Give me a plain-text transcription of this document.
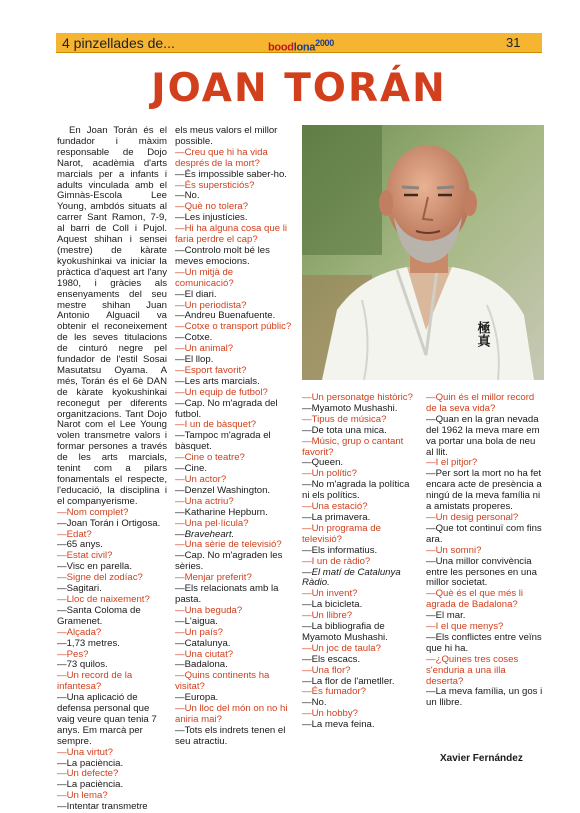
4 pinzellades de...	boodlona$^{2000}$	31
JOAN TORÁN
極真

En Joan Torán és el fundador i màxim responsable de Dojo Narot, acadèmia d'arts marcials per a infants i adults vinculada amb el Gimnàs-Escola Lee Young, ambdós situats al carrer Sant Ramon, 7-9, al barri de Coll i Pujol. Aquest shihan i sensei (mestre) de kàrate kyokushinkai va iniciar la pràctica d'aquest art l'any 1980, i gràcies als ensenyaments del seu mestre shihan Juan Antonio Alguacil va obtenir el reconeixement de les seves titulacions de cinturó negre pel fundador de l'estil Sosai Masutatsu Oyama. A més, Torán és el 6è DAN de kàrate kyokushinkai reconegut per diferents organitzacions. Tant Dojo Narot com el Lee Young volen transmetre valors i formar persones a través de les arts marcials, tenint com a pilars fonamentals el respecte, l'educació, la disciplina i el companyerisme.

— Nom complet?

— Joan Torán i Ortigosa.

— Edat?

— 65 anys.

— Estat civil?

— Visc en parella.

— Signe del zodíac?

— Sagitari.

— Lloc de naixement?

— Santa Coloma de Gramenet.

— Alçada?

— 1,73 metres.

— Pes?

— 73 quilos.

— Un record de la infantesa?

— Una aplicació de defensa personal que vaig veure quan tenia 7 anys. Em marcà per sempre.

— Una virtut?

— La paciència.

— Un defecte?

— La paciència.

— Un lema?

— Intentar transmetre

els meus valors el millor possible.

— Creu que hi ha vida després de la mort?

— És impossible saber-ho.

— És supersticiós?

— No.

— Què no tolera?

— Les injustícies.

— Hi ha alguna cosa que li faria perdre el cap?

— Controlo molt bé les meves emocions.

— Un mitjà de comunicació?

— El diari.

— Un periodista?

— Andreu Buenafuente.

— Cotxe o transport públic?

— Cotxe.

— Un animal?

— El llop.

— Esport favorit?

— Les arts marcials.

— Un equip de futbol?

— Cap. No m'agrada del futbol.

— I un de bàsquet?

— Tampoc m'agrada el bàsquet.

— Cine o teatre?

— Cine.

— Un actor?

— Denzel Washington.

— Una actriu?

— Katharine Hepburn.

— Una pel·lícula?

— Braveheart.

— Una sèrie de televisió?

— Cap. No m'agraden les sèries.

— Menjar preferit?

— Els relacionats amb la pasta.

— Una beguda?

— L'aigua.

— Un país?

— Catalunya.

— Una ciutat?

— Badalona.

— Quins continents ha visitat?

— Europa.

— Un lloc del món on no hi aniria mai?

— Tots els indrets tenen el seu atractiu.

— Un personatge històric?

— Myamoto Mushashi.

— Tipus de música?

— De tota una mica.

— Músic, grup o cantant favorit?

— Queen.

— Un polític?

— No m'agrada la política ni els polítics.

— Una estació?

— La primavera.

— Un programa de televisió?

— Els informatius.

— I un de ràdio?

— El matí de Catalunya Ràdio.

— Un invent?

— La bicicleta.

— Un llibre?

— La bibliografia de Myamoto Mushashi.

— Un joc de taula?

— Els escacs.

— Una flor?

— La flor de l'ametller.

— És fumador?

— No.

— Un hobby?

— La meva feina.

— Quin és el millor record de la seva vida?

— Quan en la gran nevada del 1962 la meva mare em va portar una bola de neu al llit.

— I el pitjor?

— Per sort la mort no ha fet encara acte de presència a ningú de la meva família ni a amistats properes.

— Un desig personal?

— Que tot continuï com fins ara.

— Un somni?

— Una millor convivència entre les persones en una millor societat.

— Què és el que més li agrada de Badalona?

— El mar.

— I el que menys?

— Els conflictes entre veïns que hi ha.

— ¿Quines tres coses s'enduria a una illa deserta?

— La meva família, un gos i un llibre.

Xavier Fernández
